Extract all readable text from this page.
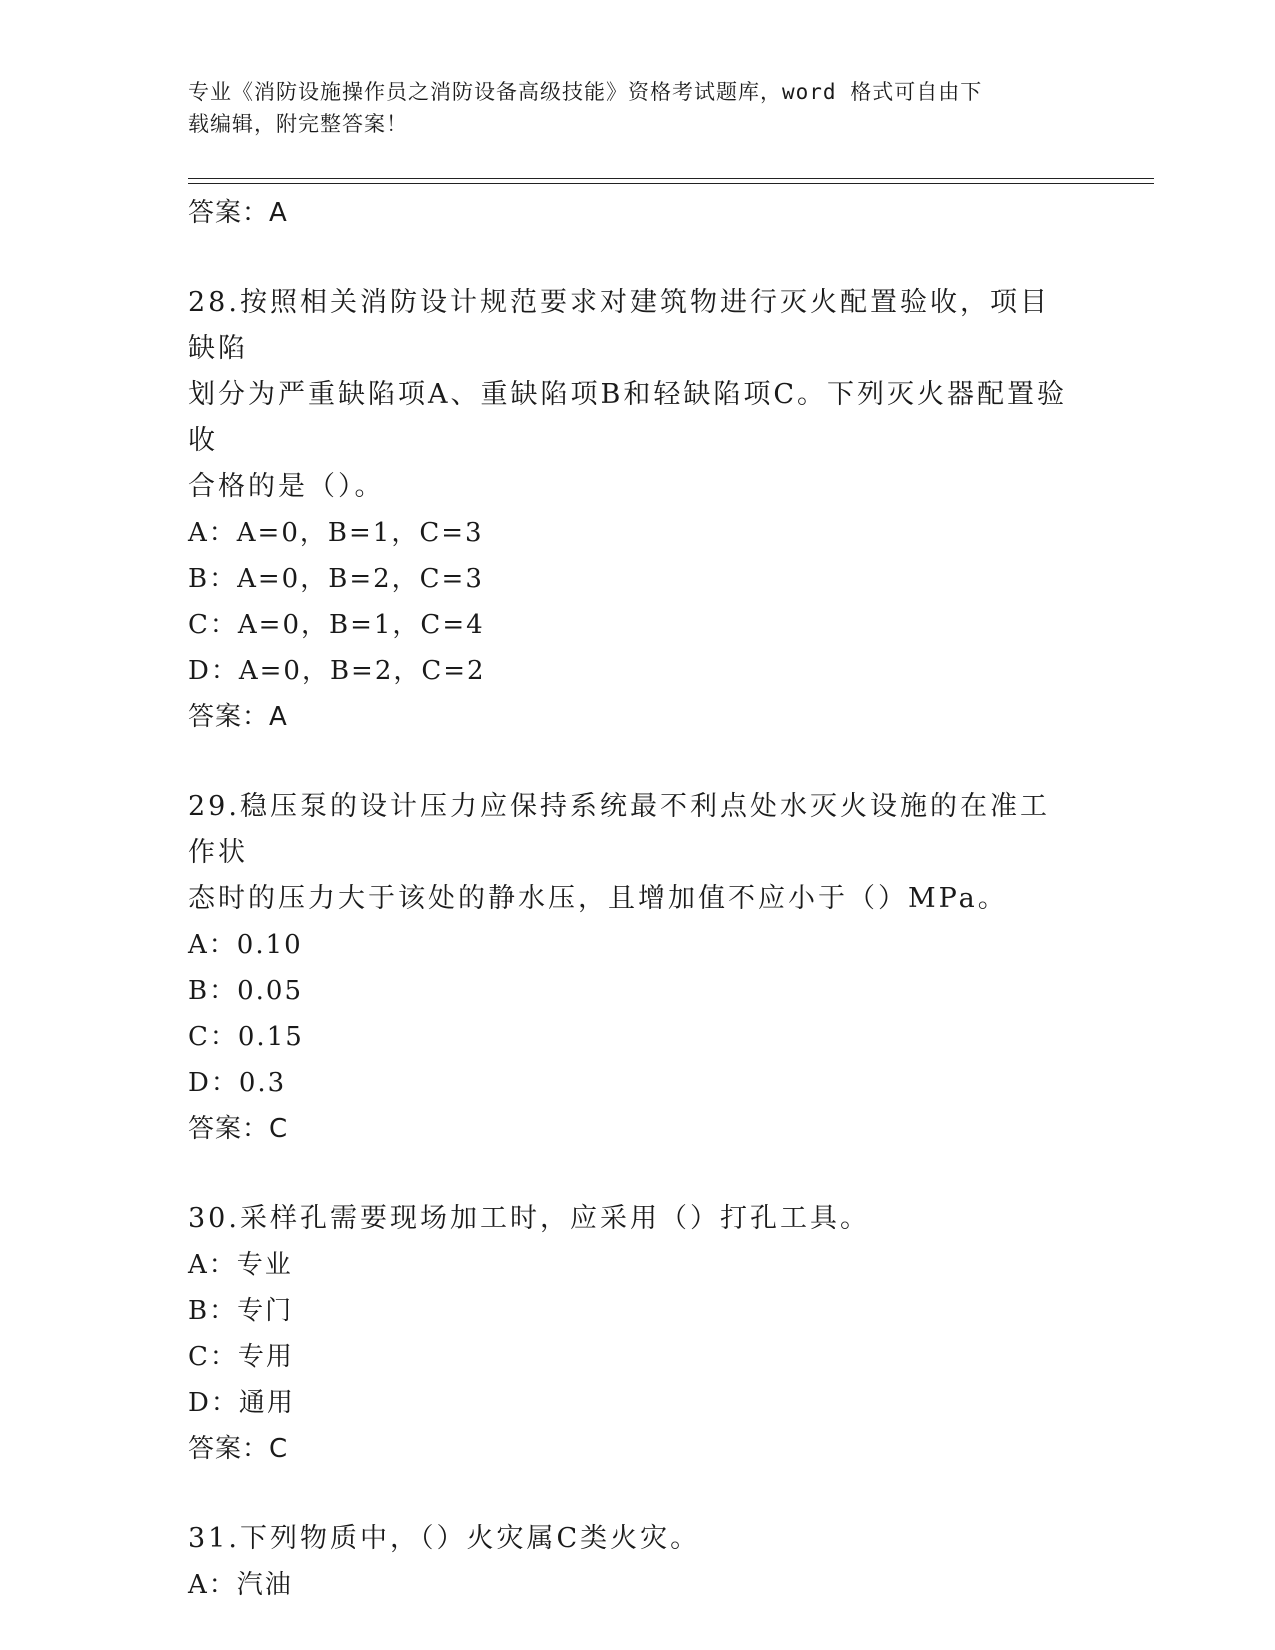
专业《消防设施操作员之消防设备高级技能》资格考试题库，word 格式可自由下
载编辑，附完整答案！
答案：A
28.按照相关消防设计规范要求对建筑物进行灭火配置验收，项目缺陷
划分为严重缺陷项A、重缺陷项B和轻缺陷项C。下列灭火器配置验收
合格的是（）。
A：A=0，B=1，C=3
B：A=0，B=2，C=3
C：A=0，B=1，C=4
D：A=0，B=2，C=2
答案：A
29.稳压泵的设计压力应保持系统最不利点处水灭火设施的在准工作状
态时的压力大于该处的静水压，且增加值不应小于（）MPa。
A：0.10
B：0.05
C：0.15
D：0.3
答案：C
30.采样孔需要现场加工时，应采用（）打孔工具。
A：专业
B：专门
C：专用
D：通用
答案：C
31.下列物质中，（）火灾属C类火灾。
A：汽油
